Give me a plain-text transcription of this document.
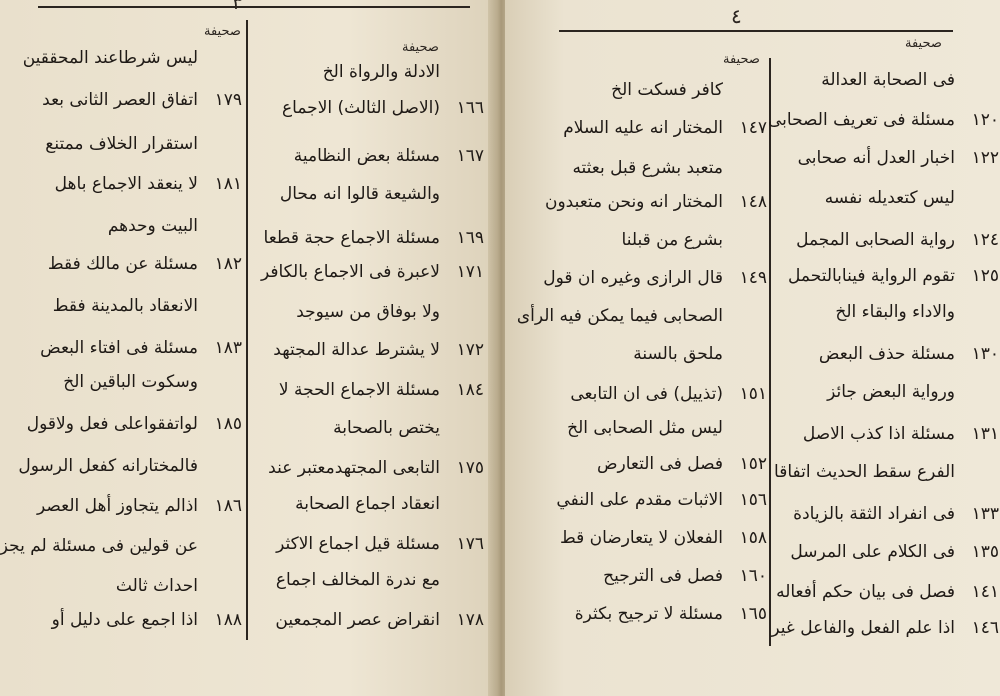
صحيفة
صحيفة
الادلة والرواة الخ
١٦٦(الاصل الثالث) الاجماع
١٦٧مسئلة بعض النظامية
والشيعة قالوا انه محال
١٦٩مسئلة الاجماع حجة قطعا
١٧١لاعبرة فى الاجماع بالكافر
ولا بوفاق من سيوجد
١٧٢لا يشترط عدالة المجتهد
١٨٤مسئلة الاجماع الحجة لا
يختص بالصحابة
١٧٥التابعى المجتهدمعتبر عند
انعقاد اجماع الصحابة
١٧٦مسئلة قيل اجماع الاكثر
مع ندرة المخالف اجماع
١٧٨انقراض عصر المجمعين
ليس شرطاعند المحققين
١٧٩اتفاق العصر الثانى بعد
استقرار الخلاف ممتنع
١٨١لا ينعقد الاجماع باهل
البيت وحدهم
١٨٢مسئلة عن مالك فقط
الانعقاد بالمدينة فقط
١٨٣مسئلة فى افتاء البعض
وسكوت الباقين الخ
١٨٥لواتفقواعلى فعل ولاقول
فالمختارانه كفعل الرسول
١٨٦اذالم يتجاوز أهل العصر
عن قولين فى مسئلة لم يجز
احداث ثالث
١٨٨اذا اجمع على دليل أو
٤
صحيفة
صحيفة
فى الصحابة العدالة
١٢٠مسئلة فى تعريف الصحابى
١٢٢اخبار العدل أنه صحابى
ليس كتعديله نفسه
١٢٤رواية الصحابى المجمل
١٢٥تقوم الرواية فينابالتحمل
والاداء والبقاء الخ
١٣٠مسئلة حذف البعض
ورواية البعض جائز
١٣١مسئلة اذا كذب الاصل
الفرع سقط الحديث اتفاقا
١٣٣فى انفراد الثقة بالزيادة
١٣٥فى الكلام على المرسل
١٤١فصل فى بيان حكم أفعاله
١٤٦اذا علم الفعل والفاعل غير
كافر فسكت الخ
١٤٧المختار انه عليه السلام
متعبد بشرع قبل بعثته
١٤٨المختار انه ونحن متعبدون
بشرع من قبلنا
١٤٩قال الرازى وغيره ان قول
الصحابى فيما يمكن فيه الرأى
ملحق بالسنة
١٥١(تذييل) فى ان التابعى
ليس مثل الصحابى الخ
١٥٢فصل فى التعارض
١٥٦الاثبات مقدم على النفي
١٥٨الفعلان لا يتعارضان قط
١٦٠فصل فى الترجيح
١٦٥مسئلة لا ترجيح بكثرة
